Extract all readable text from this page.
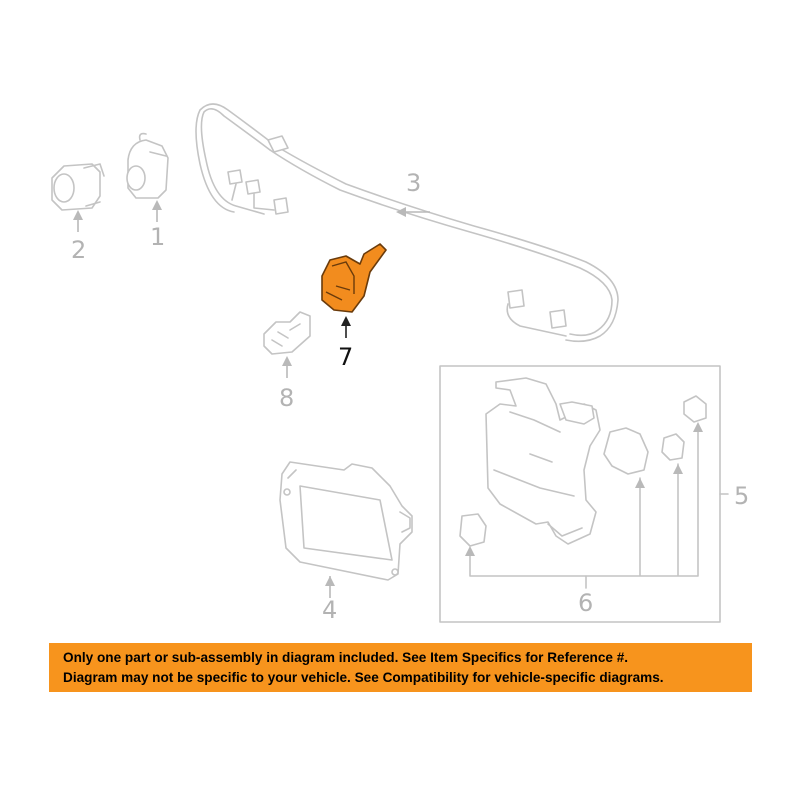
1
2
3
4
5
6
7
8
Only one part or sub-assembly in diagram included. See Item Specifics for Reference #.
Diagram may not be specific to your vehicle. See Compatibility for vehicle-specific diagrams.
